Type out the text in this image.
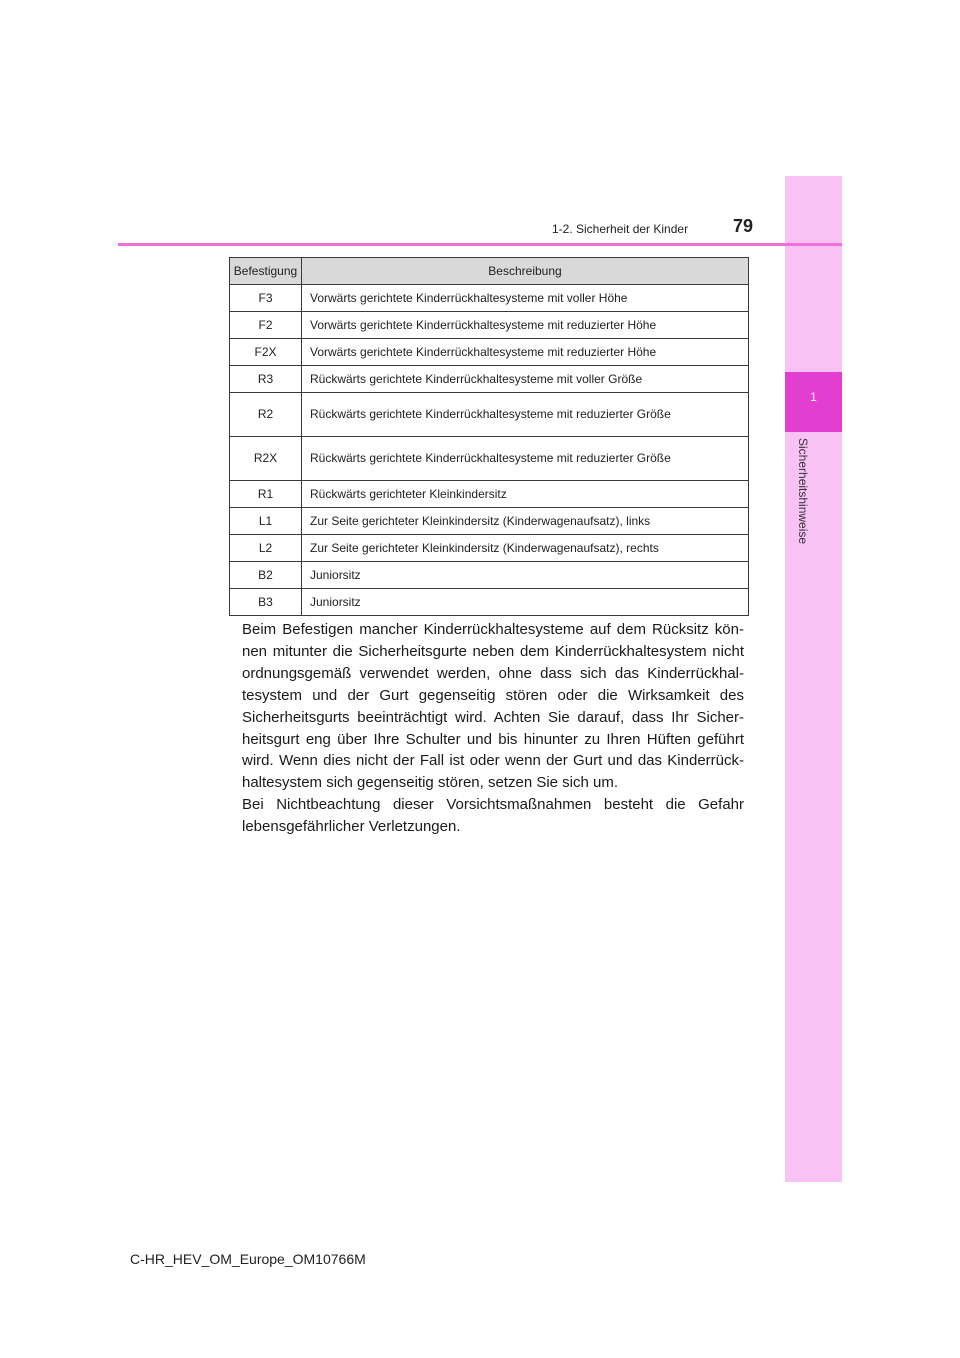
1
Sicherheitshinweise
1-2. Sicherheit der Kinder 79
Befestigung	Beschreibung
F3	Vorwärts gerichtete Kinderrückhaltesysteme mit voller Höhe
F2	Vorwärts gerichtete Kinderrückhaltesysteme mit reduzierter Höhe
F2X	Vorwärts gerichtete Kinderrückhaltesysteme mit reduzierter Höhe
R3	Rückwärts gerichtete Kinderrückhaltesysteme mit voller Größe
R2	Rückwärts gerichtete Kinderrückhaltesysteme mit reduzierter Größe
R2X	Rückwärts gerichtete Kinderrückhaltesysteme mit reduzierter Größe
R1	Rückwärts gerichteter Kleinkindersitz
L1	Zur Seite gerichteter Kleinkindersitz (Kinderwagenaufsatz), links
L2	Zur Seite gerichteter Kleinkindersitz (Kinderwagenaufsatz), rechts
B2	Juniorsitz
B3	Juniorsitz

Beim Befestigen mancher Kinderrückhaltesysteme auf dem Rücksitz kön- nen mitunter die Sicherheitsgurte neben dem Kinderrückhaltesystem nicht ordnungsgemäß verwendet werden, ohne dass sich das Kinderrückhal- tesystem und der Gurt gegenseitig stören oder die Wirksamkeit des Sicherheitsgurts beeinträchtigt wird. Achten Sie darauf, dass Ihr Sicher- heitsgurt eng über Ihre Schulter und bis hinunter zu Ihren Hüften geführt wird. Wenn dies nicht der Fall ist oder wenn der Gurt und das Kinderrück- haltesystem sich gegenseitig stören, setzen Sie sich um.

Bei Nichtbeachtung dieser Vorsichtsmaßnahmen besteht die Gefahr lebensgefährlicher Verletzungen.

C-HR_HEV_OM_Europe_OM10766M
